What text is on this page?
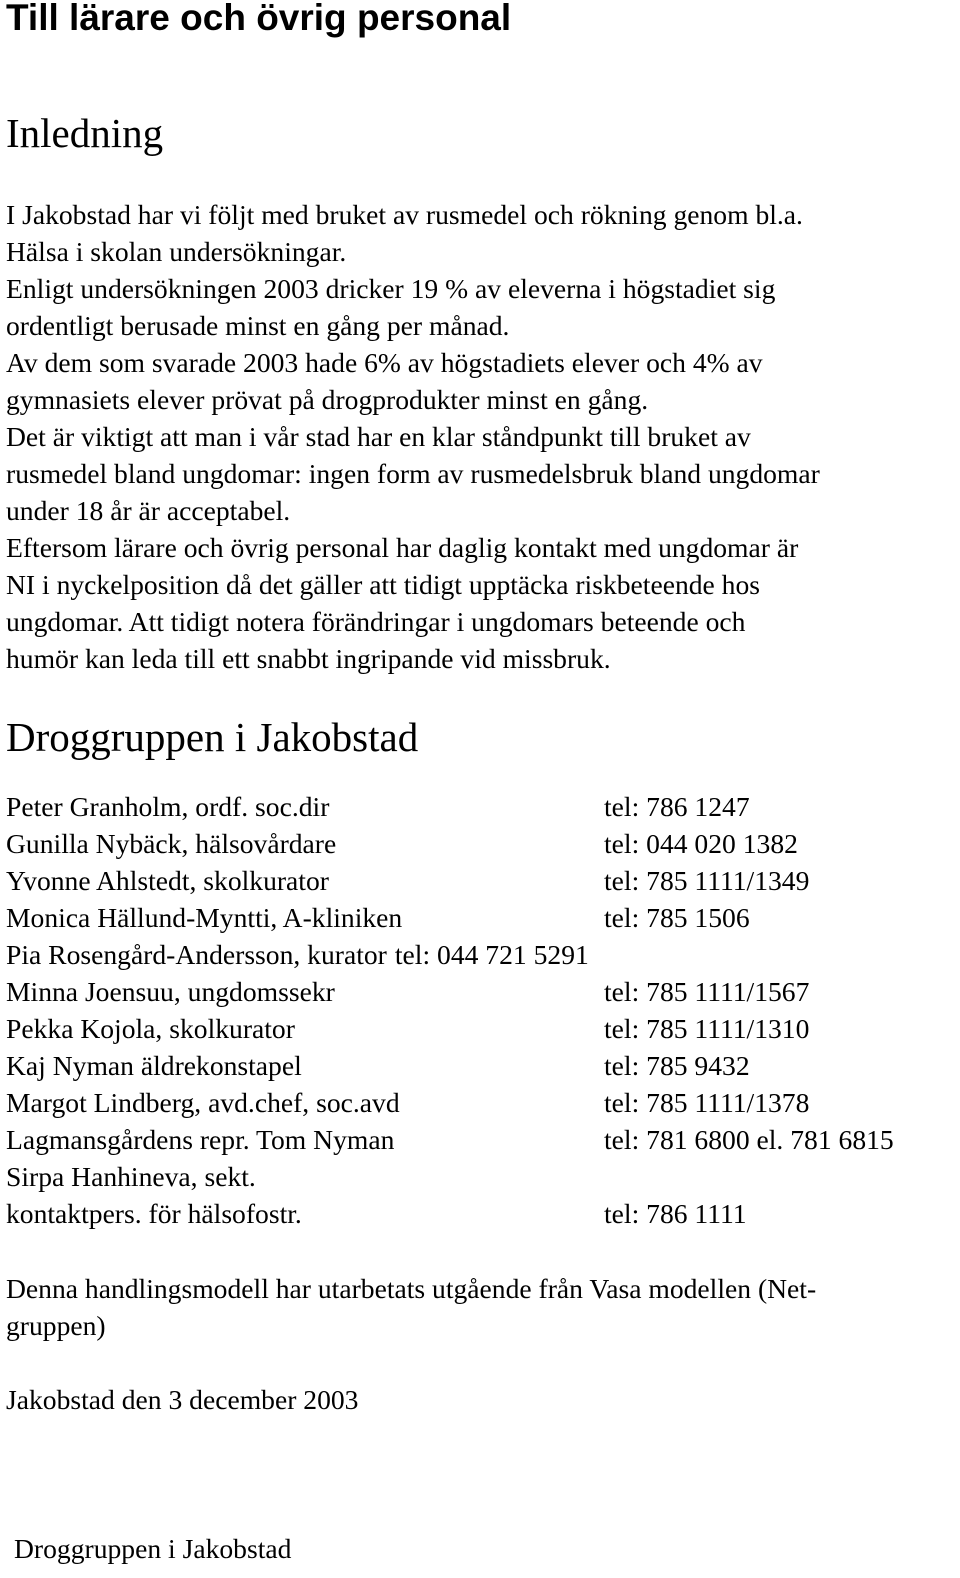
Till lärare och övrig personal
Inledning
I Jakobstad har vi följt med bruket av rusmedel och rökning genom bl.a.
Hälsa i skolan undersökningar.
Enligt undersökningen 2003 dricker 19 % av eleverna i högstadiet sig
ordentligt berusade minst en gång per månad.
Av dem som svarade 2003 hade 6% av högstadiets elever och 4% av
gymnasiets elever prövat på drogprodukter minst en gång.
Det är viktigt att man i vår stad har en klar ståndpunkt till bruket av
rusmedel bland ungdomar: ingen form av rusmedelsbruk bland ungdomar
under 18 år är acceptabel.
Eftersom lärare och övrig personal har daglig kontakt med ungdomar är
NI i nyckelposition då det gäller att tidigt upptäcka riskbeteende hos
ungdomar. Att tidigt notera förändringar i ungdomars beteende och
humör kan leda till ett snabbt ingripande vid missbruk.
Droggruppen i Jakobstad
Peter Granholm, ordf. soc.dir	tel: 786 1247
Gunilla Nybäck, hälsovårdare	tel: 044 020 1382
Yvonne Ahlstedt, skolkurator	tel: 785 1111/1349
Monica Hällund-Myntti, A-kliniken	tel: 785 1506
Pia Rosengård-Andersson, kurator tel: 044 721 5291
Minna Joensuu, ungdomssekr	tel: 785 1111/1567
Pekka Kojola, skolkurator	tel: 785 1111/1310
Kaj Nyman äldrekonstapel	tel: 785 9432
Margot Lindberg, avd.chef, soc.avd	tel: 785 1111/1378
Lagmansgårdens repr. Tom Nyman	tel: 781 6800 el. 781 6815
Sirpa Hanhineva, sekt.
kontaktpers. för hälsofostr.	tel: 786 1111
Denna handlingsmodell har utarbetats utgående från Vasa modellen (Net-
gruppen)
Jakobstad den 3 december 2003
Droggruppen i Jakobstad
